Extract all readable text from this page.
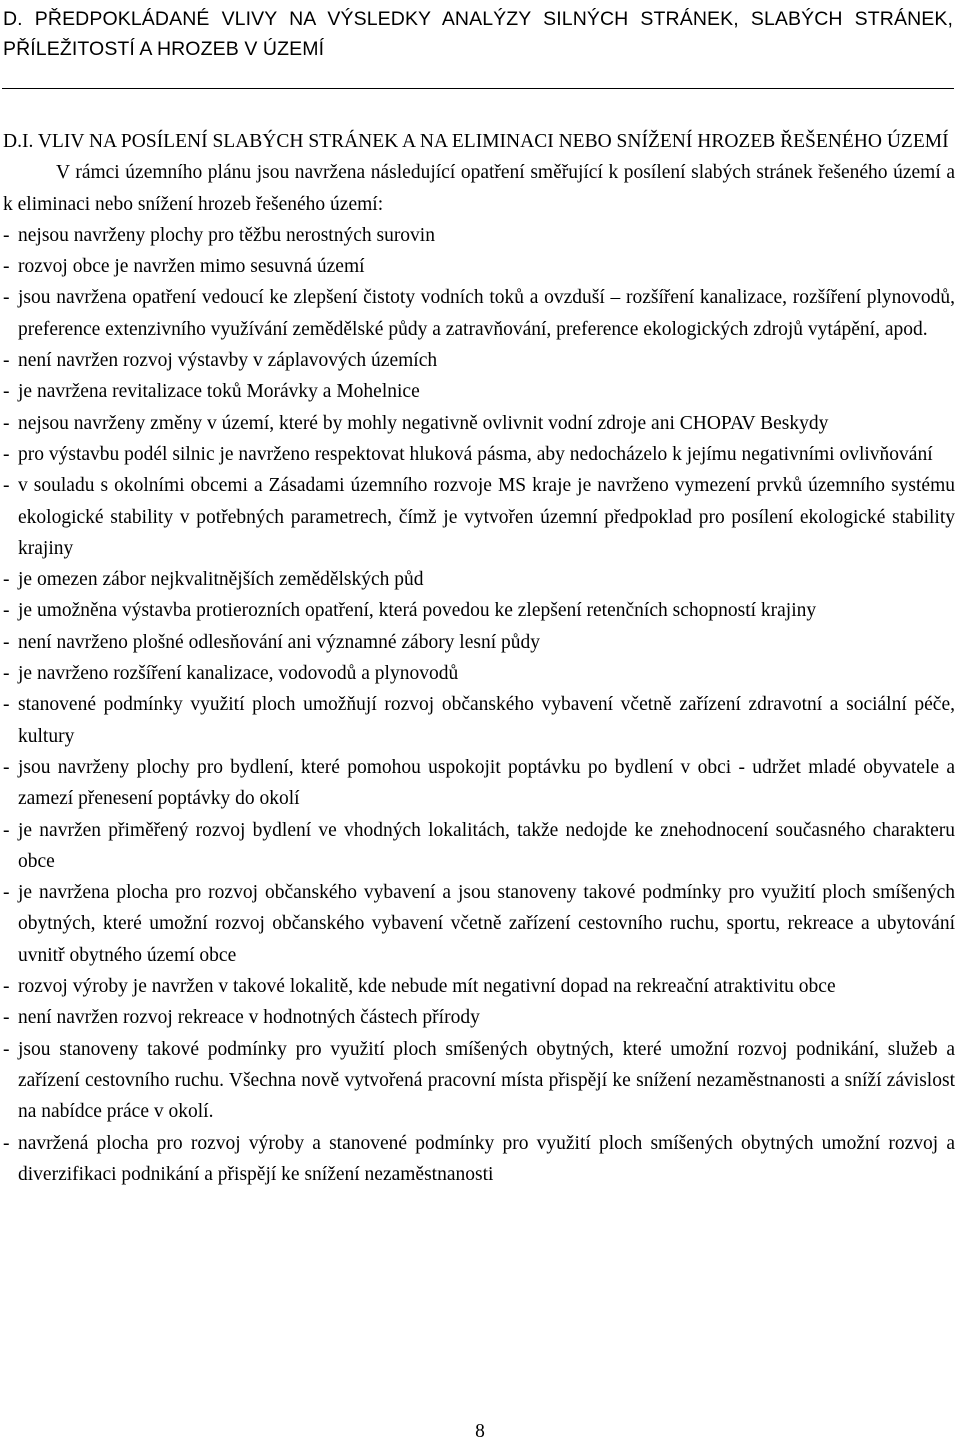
D. PŘEDPOKLÁDANÉ VLIVY NA VÝSLEDKY ANALÝZY SILNÝCH STRÁNEK, SLABÝCH STRÁNEK, PŘÍLEŽITOSTÍ A HROZEB V ÚZEMÍ

D.I. VLIV NA POSÍLENÍ SLABÝCH STRÁNEK A NA ELIMINACI NEBO SNÍŽENÍ HROZEB ŘEŠENÉHO ÚZEMÍ

V rámci územního plánu jsou navržena následující opatření směřující k posílení slabých stránek řešeného území a k eliminaci nebo snížení hrozeb řešeného území:

- nejsou navrženy plochy pro těžbu nerostných surovin
- rozvoj obce je navržen mimo sesuvná území
- jsou navržena opatření vedoucí ke zlepšení čistoty vodních toků a ovzduší – rozšíření kanalizace, rozšíření plynovodů, preference extenzivního využívání zemědělské půdy a zatravňování, preference ekologických zdrojů vytápění, apod.
- není navržen rozvoj výstavby v záplavových územích
- je navržena revitalizace toků Morávky a Mohelnice
- nejsou navrženy změny v území, které by mohly negativně ovlivnit vodní zdroje ani CHOPAV Beskydy
- pro výstavbu podél silnic je navrženo respektovat hluková pásma, aby nedocházelo k jejímu negativními ovlivňování
- v souladu s okolními obcemi a Zásadami územního rozvoje MS kraje je navrženo vymezení prvků územního systému ekologické stability v potřebných parametrech, čímž je vytvořen územní předpoklad pro posílení ekologické stability krajiny
- je omezen zábor nejkvalitnějších zemědělských půd
- je umožněna výstavba protierozních opatření, která povedou ke zlepšení retenčních schopností krajiny
- není navrženo plošné odlesňování ani významné zábory lesní půdy
- je navrženo rozšíření kanalizace, vodovodů a plynovodů
- stanovené podmínky využití ploch umožňují rozvoj občanského vybavení včetně zařízení zdravotní a sociální péče, kultury
- jsou navrženy plochy pro bydlení, které pomohou uspokojit poptávku po bydlení v obci - udržet mladé obyvatele a zamezí přenesení poptávky do okolí
- je navržen přiměřený rozvoj bydlení ve vhodných lokalitách, takže nedojde ke znehodnocení současného charakteru obce
- je navržena plocha pro rozvoj občanského vybavení a jsou stanoveny takové podmínky pro využití ploch smíšených obytných, které umožní rozvoj občanského vybavení včetně zařízení cestovního ruchu, sportu, rekreace a ubytování uvnitř obytného území obce
- rozvoj výroby je navržen v takové lokalitě, kde nebude mít negativní dopad na rekreační atraktivitu obce
- není navržen rozvoj rekreace v hodnotných částech přírody
- jsou stanoveny takové podmínky pro využití ploch smíšených obytných, které umožní rozvoj podnikání, služeb a zařízení cestovního ruchu. Všechna nově vytvořená pracovní místa přispějí ke snížení nezaměstnanosti a sníží závislost na nabídce práce v okolí.
- navržená plocha pro rozvoj výroby a stanovené podmínky pro využití ploch smíšených obytných umožní rozvoj a diverzifikaci podnikání a přispějí ke snížení nezaměstnanosti
8
